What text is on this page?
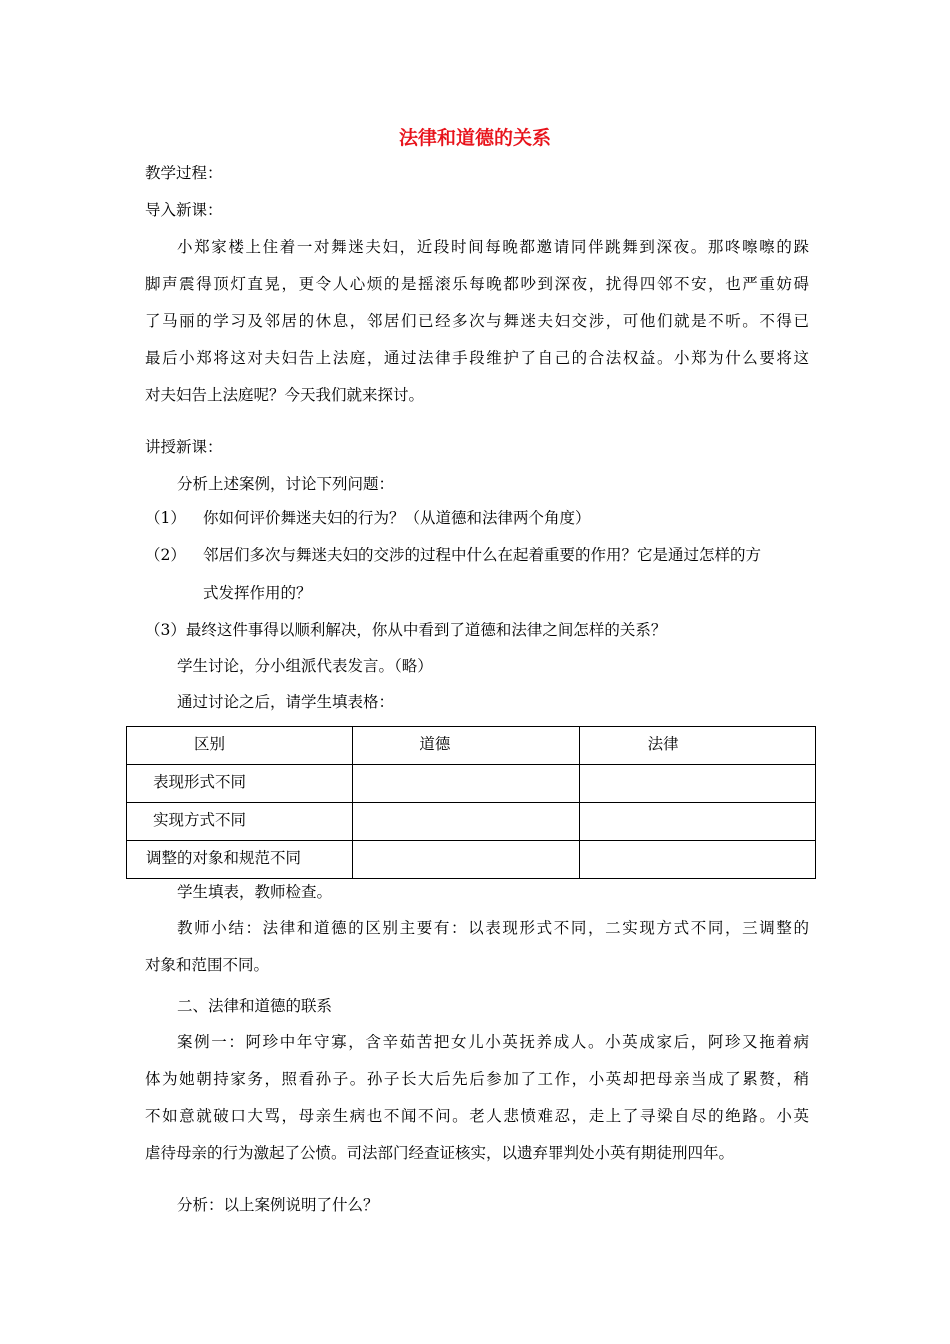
法律和道德的关系
教学过程：
导入新课：
小郑家楼上住着一对舞迷夫妇，近段时间每晚都邀请同伴跳舞到深夜。那咚嚓嚓的跺
脚声震得顶灯直晃，更令人心烦的是摇滚乐每晚都吵到深夜，扰得四邻不安，也严重妨碍
了马丽的学习及邻居的休息，邻居们已经多次与舞迷夫妇交涉，可他们就是不听。不得已
最后小郑将这对夫妇告上法庭，通过法律手段维护了自己的合法权益。小郑为什么要将这
对夫妇告上法庭呢？今天我们就来探讨。
讲授新课：
分析上述案例，讨论下列问题：
（1） 你如何评价舞迷夫妇的行为？（从道德和法律两个角度）
（2） 邻居们多次与舞迷夫妇的交涉的过程中什么在起着重要的作用？它是通过怎样的方
式发挥作用的？
（3）最终这件事得以顺利解决，你从中看到了道德和法律之间怎样的关系？
学生讨论，分小组派代表发言。（略）
通过讨论之后，请学生填表格：
区别	道德	法律
表现形式不同		
实现方式不同		
调整的对象和规范不同		
学生填表，教师检查。
教师小结：法律和道德的区别主要有：以表现形式不同，二实现方式不同，三调整的
对象和范围不同。
二、法律和道德的联系
案例一：阿珍中年守寡，含辛茹苦把女儿小英抚养成人。小英成家后，阿珍又拖着病
体为她朝持家务，照看孙子。孙子长大后先后参加了工作，小英却把母亲当成了累赘，稍
不如意就破口大骂，母亲生病也不闻不问。老人悲愤难忍，走上了寻梁自尽的绝路。小英
虐待母亲的行为激起了公愤。司法部门经查证核实，以遗弃罪判处小英有期徒刑四年。
分析：以上案例说明了什么？
